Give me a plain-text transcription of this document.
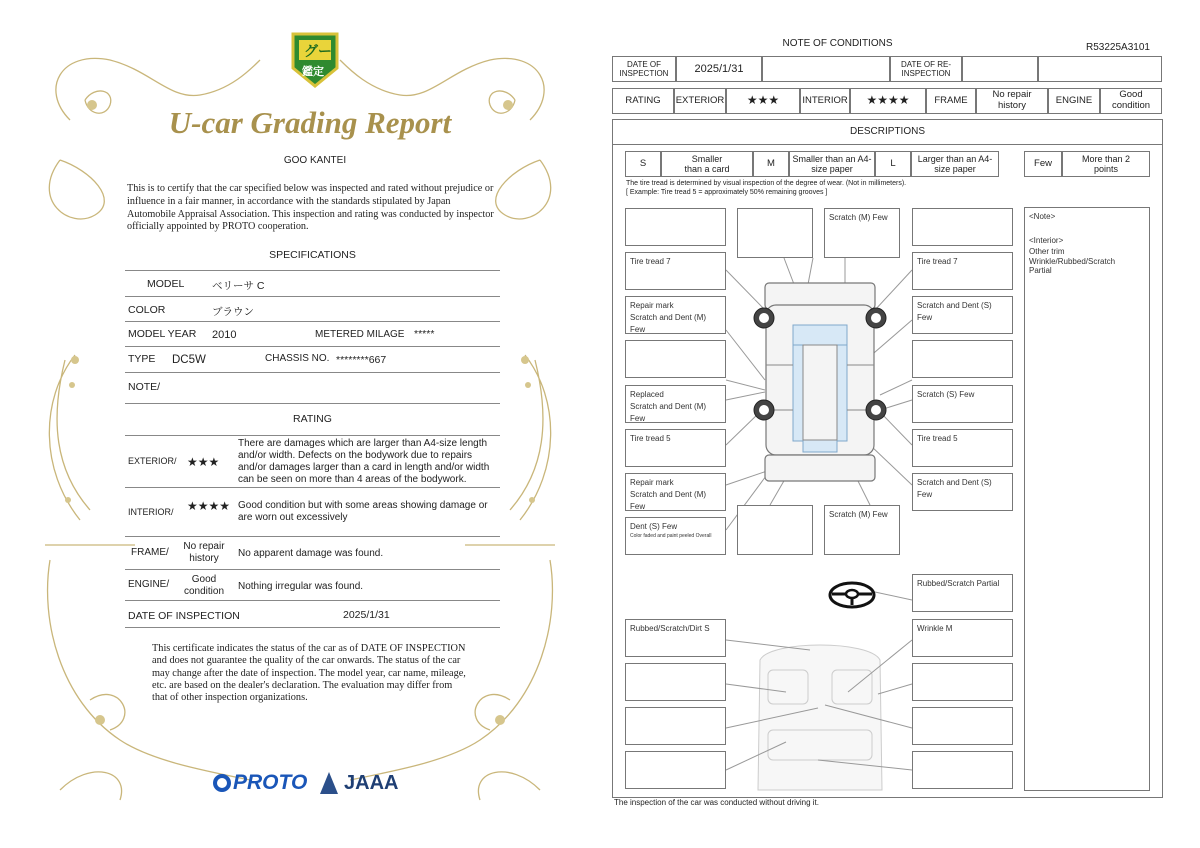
グー
鑑定
U-car Grading Report
GOO KANTEI
This is to certify that the car specified below was inspected and rated without prejudice or influence in a fair manner, in accordance with the standards stipulated by Japan Automobile Appraisal Association. This inspection and rating was conducted by inspector officially appointed by PROTO cooperation.
SPECIFICATIONS
MODEL	ベリーサ C
COLOR	ブラウン
MODEL YEAR 2010	METERED MILAGE *****
TYPE DC5W	CHASSIS NO. ********667
NOTE/
RATING
EXTERIOR/ ★★★
There are damages which are larger than A4-size length and/or width. Defects on the bodywork due to repairs and/or damages larger than a card in length and/or width can be seen on more than 4 areas of the bodywork.
INTERIOR/ ★★★★ Good condition but with some areas showing damage or are worn out excessively
FRAME/
No repair history	No apparent damage was found.
ENGINE/	Good condition	Nothing irregular was found.
DATE OF INSPECTION	2025/1/31
This certificate indicates the status of the car as of DATE OF INSPECTION and does not guarantee the quality of the car onwards. The status of the car may change after the date of inspection. The model year, car name, mileage, etc. are based on the dealer's declaration. The evaluation may differ from that of other inspection organizations.
PROTO JAAA
NOTE OF CONDITIONS	R53225A3101
DATE OF INSPECTION	2025/1/31	DATE OF RE-INSPECTION
RATING	EXTERIOR	★★★	INTERIOR	★★★★	FRAME	No repair history	ENGINE	Good condition
DESCRIPTIONS
S	Smaller than a card
M	Smaller than an A4-size paper
L	Larger than an A4-size paper
Few	More than 2 points
The tire tread is determined by visual inspection of the degree of wear. (Not in millimeters).
[ Example: Tire tread 5 = approximately 50% remaining grooves ]
<Note>
<Interior>
Other trim
Wrinkle/Rubbed/Scratch
Partial
Scratch (M) Few
Tire tread 7	Tire tread 7
Repair mark
Scratch and Dent (M) Few
Scratch and Dent (S) Few
Replaced
Scratch and Dent (M) Few
Scratch (S) Few
Tire tread 5	Tire tread 5
Repair mark
Scratch and Dent (M) Few
Scratch and Dent (S) Few
Dent (S) Few
Color faded and paint peeled Overall
Scratch (M) Few
Rubbed/Scratch Partial
Rubbed/Scratch/Dirt S	Wrinkle M
The inspection of the car was conducted without driving it.
